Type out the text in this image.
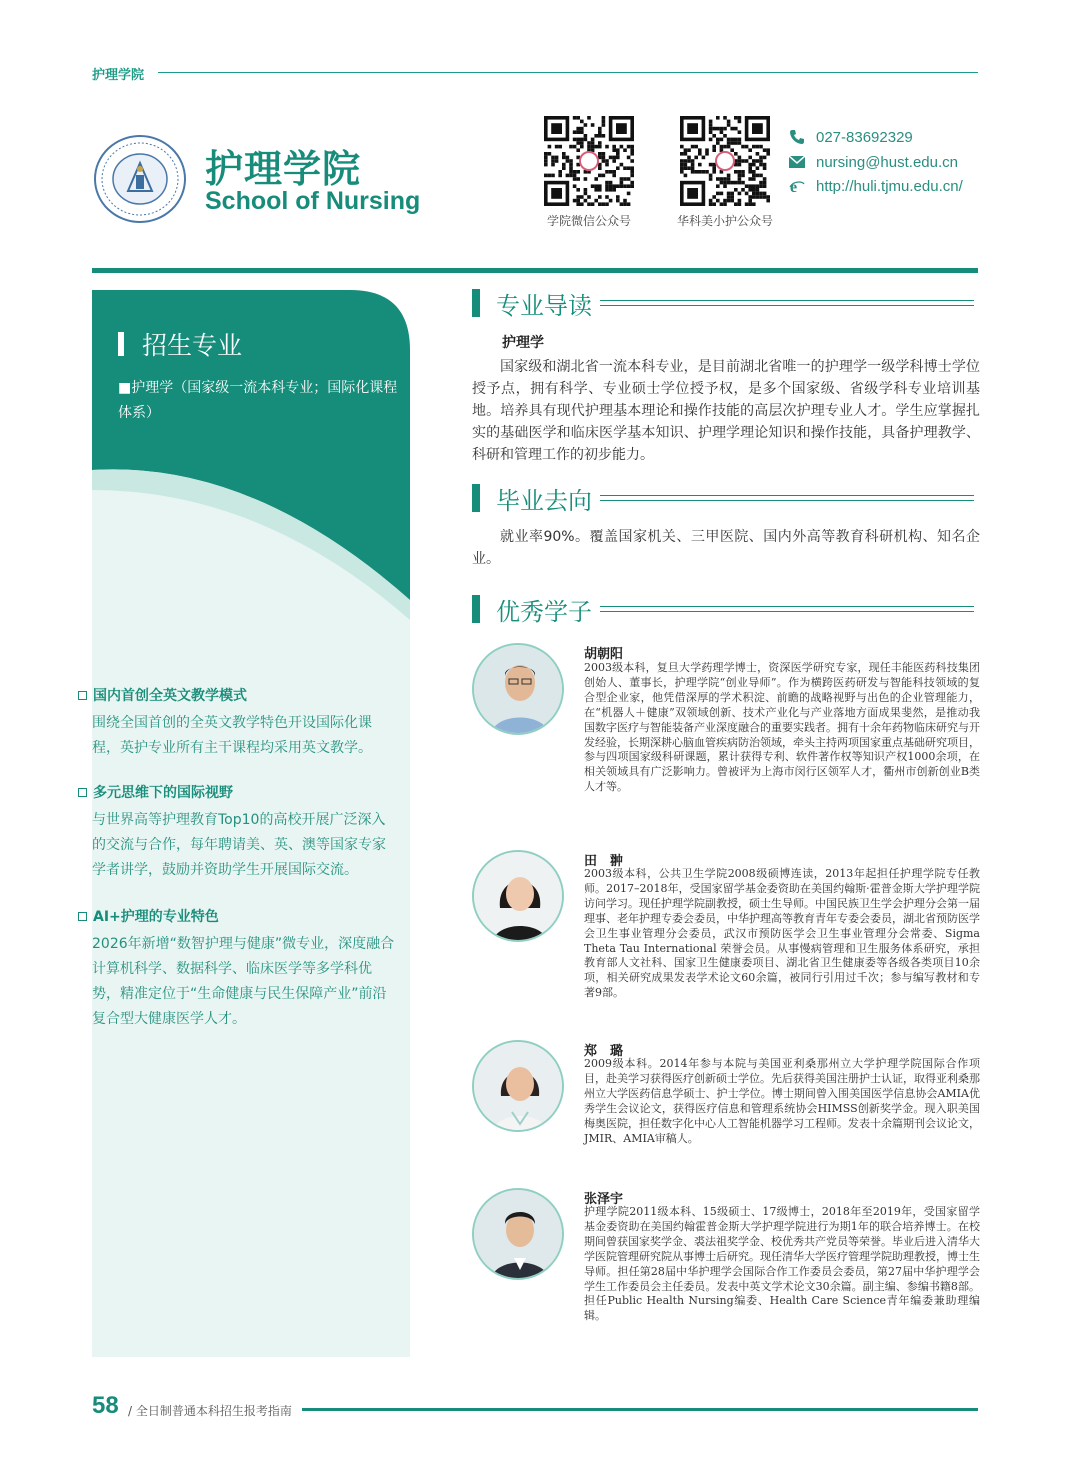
护理学院
护理学院
School of Nursing
学院微信公众号	华科美小护公众号
027-83692329
nursing@hust.edu.cn
e http://huli.tjmu.edu.cn/
招生专业
■护理学（国家级一流本科专业；国际化课程体系）
国内首创全英文教学模式
围绕全国首创的全英文教学特色开设国际化课程，英护专业所有主干课程均采用英文教学。
多元思维下的国际视野
与世界高等护理教育Top10的高校开展广泛深入的交流与合作，每年聘请美、英、澳等国家专家学者讲学，鼓励并资助学生开展国际交流。
AI+护理的专业特色
2026年新增“数智护理与健康”微专业，深度融合计算机科学、数据科学、临床医学等多学科优势，精准定位于“生命健康与民生保障产业”前沿复合型大健康医学人才。
专业导读
护理学
国家级和湖北省一流本科专业，是目前湖北省唯一的护理学一级学科博士学位授予点，拥有科学、专业硕士学位授予权，是多个国家级、省级学科专业培训基地。培养具有现代护理基本理论和操作技能的高层次护理专业人才。学生应掌握扎实的基础医学和临床医学基本知识、护理学理论知识和操作技能，具备护理教学、科研和管理工作的初步能力。
毕业去向
就业率90%。覆盖国家机关、三甲医院、国内外高等教育科研机构、知名企业。
优秀学子
胡朝阳
2003级本科，复旦大学药理学博士，资深医学研究专家，现任丰能医药科技集团创始人、董事长，护理学院“创业导师”。作为横跨医药研发与智能科技领域的复合型企业家，他凭借深厚的学术积淀、前瞻的战略视野与出色的企业管理能力，在“机器人＋健康”双领域创新、技术产业化与产业落地方面成果斐然，是推动我国数字医疗与智能装备产业深度融合的重要实践者。拥有十余年药物临床研究与开发经验，长期深耕心脑血管疾病防治领域，牵头主持两项国家重点基础研究项目，参与四项国家级科研课题，累计获得专利、软件著作权等知识产权1000余项，在相关领域具有广泛影响力。曾被评为上海市闵行区领军人才，衢州市创新创业B类人才等。
田　翀
2003级本科，公共卫生学院2008级硕博连读，2013年起担任护理学院专任教师。2017–2018年，受国家留学基金委资助在美国约翰斯·霍普金斯大学护理学院访问学习。现任护理学院副教授，硕士生导师。中国民族卫生学会护理分会第一届理事、老年护理专委会委员，中华护理高等教育青年专委会委员，湖北省预防医学会卫生事业管理分会委员，武汉市预防医学会卫生事业管理分会常委、Sigma Theta Tau International 荣誉会员。从事慢病管理和卫生服务体系研究，承担教育部人文社科、国家卫生健康委项目、湖北省卫生健康委等各级各类项目10余项，相关研究成果发表学术论文60余篇，被同行引用过千次；参与编写教材和专著9部。
郑　璐
2009级本科。2014年参与本院与美国亚利桑那州立大学护理学院国际合作项目，赴美学习获得医疗创新硕士学位。先后获得美国注册护士认证，取得亚利桑那州立大学医药信息学硕士、护士学位。博士期间曾入围美国医学信息协会AMIA优秀学生会议论文，获得医疗信息和管理系统协会HIMSS创新奖学金。现入职美国梅奥医院，担任数字化中心人工智能机器学习工程师。发表十余篇期刊会议论文，JMIR、AMIA审稿人。
张泽宇
护理学院2011级本科、15级硕士、17级博士，2018年至2019年，受国家留学基金委资助在美国约翰霍普金斯大学护理学院进行为期1年的联合培养博士。在校期间曾获国家奖学金、裘法祖奖学金、校优秀共产党员等荣誉。毕业后进入清华大学医院管理研究院从事博士后研究。现任清华大学医疗管理学院助理教授，博士生导师。担任第28届中华护理学会国际合作工作委员会委员，第27届中华护理学会学生工作委员会主任委员。发表中英文学术论文30余篇。副主编、参编书籍8部。担任Public Health Nursing编委、Health Care Science青年编委兼助理编辑。
58 / 全日制普通本科招生报考指南
